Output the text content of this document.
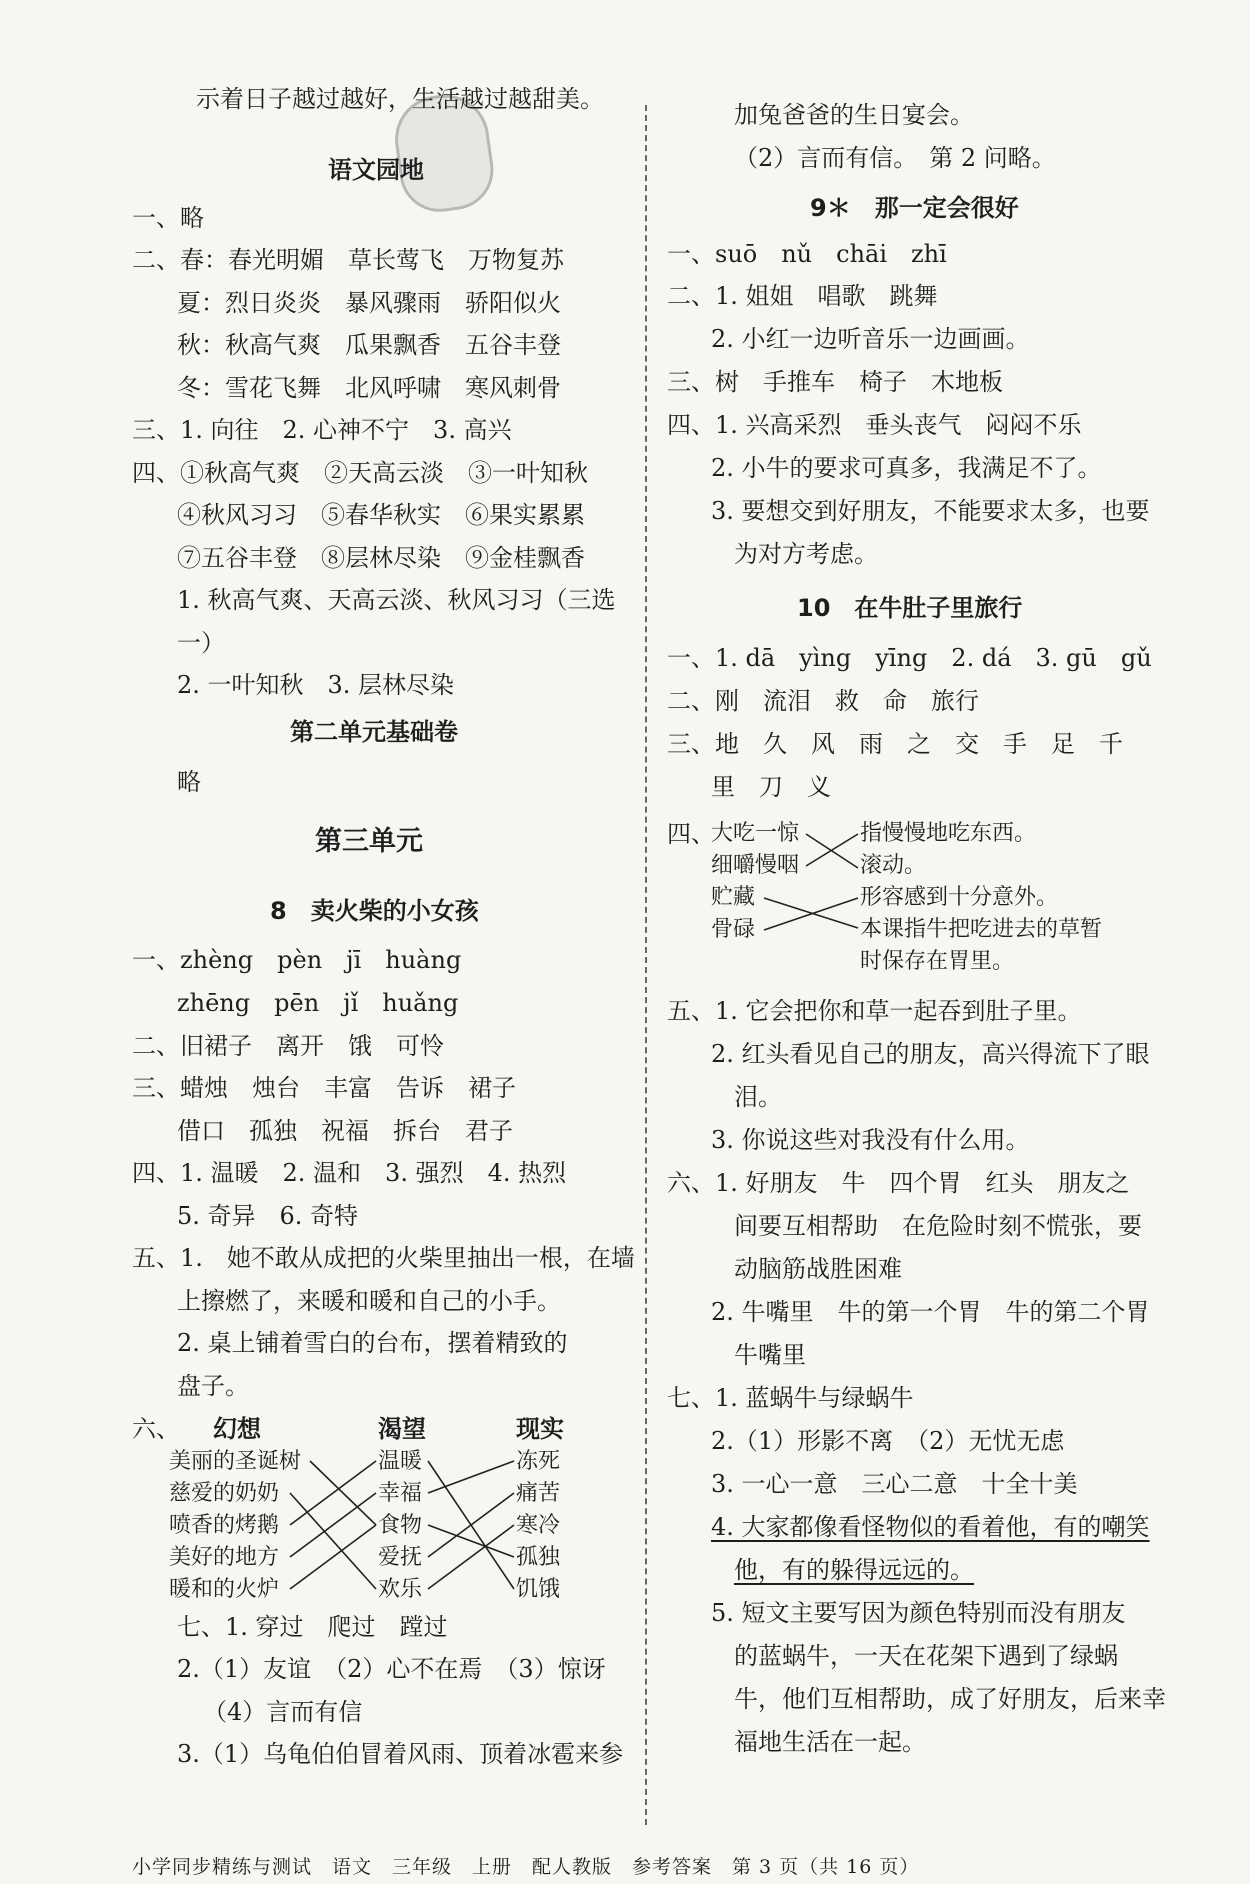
示着日子越过越好，生活越过越甜美。
语文园地
一、略
二、春：春光明媚　草长莺飞　万物复苏
夏：烈日炎炎　暴风骤雨　骄阳似火
秋：秋高气爽　瓜果飘香　五谷丰登
冬：雪花飞舞　北风呼啸　寒风刺骨
三、1. 向往　2. 心神不宁　3. 高兴
四、①秋高气爽　②天高云淡　③一叶知秋
④秋风习习　⑤春华秋实　⑥果实累累
⑦五谷丰登　⑧层林尽染　⑨金桂飘香
1. 秋高气爽、天高云淡、秋风习习（三选
一）
2. 一叶知秋　3. 层林尽染
第二单元基础卷
略
第三单元
8　卖火柴的小女孩
一、zhèng　pèn　jī　huàng
zhēng　pēn　jǐ　huǎng
二、旧裙子　离开　饿　可怜
三、蜡烛　烛台　丰富　告诉　裙子
借口　孤独　祝福　拆台　君子
四、1. 温暖　2. 温和　3. 强烈　4. 热烈
5. 奇异　6. 奇特
五、1.　她不敢从成把的火柴里抽出一根，在墙
上擦燃了，来暖和暖和自己的小手。
2. 桌上铺着雪白的台布，摆着精致的
盘子。
六、 幻想	渴望	现实
美丽的圣诞树
慈爱的奶奶
喷香的烤鹅
美好的地方
暖和的火炉
温暖
幸福
食物
爱抚
欢乐
冻死
痛苦
寒冷
孤独
饥饿
七、1. 穿过　爬过　蹚过
2.（1）友谊　（2）心不在焉　（3）惊讶
（4）言而有信
3.（1）乌龟伯伯冒着风雨、顶着冰雹来参
加兔爸爸的生日宴会。
（2）言而有信。　第 2 问略。
9＊　那一定会很好
一、suō　nǔ　chāi　zhī
二、1. 姐姐　唱歌　跳舞
2. 小红一边听音乐一边画画。
三、树　手推车　椅子　木地板
四、1. 兴高采烈　垂头丧气　闷闷不乐
2. 小牛的要求可真多，我满足不了。
3. 要想交到好朋友，不能要求太多，也要
为对方考虑。
10　在牛肚子里旅行
一、1. dā　yìng　yīng　2. dá　3. gū　gǔ
二、刚　流泪　救　命　旅行
三、地　久　风　雨　之　交　手　足　千
里　刀　义
四、
大吃一惊
细嚼慢咽
贮藏
骨碌
指慢慢地吃东西。
滚动。
形容感到十分意外。
本课指牛把吃进去的草暂
时保存在胃里。
五、1. 它会把你和草一起吞到肚子里。
2. 红头看见自己的朋友，高兴得流下了眼
泪。
3. 你说这些对我没有什么用。
六、1. 好朋友　牛　四个胃　红头　朋友之
间要互相帮助　在危险时刻不慌张，要
动脑筋战胜困难
2. 牛嘴里　牛的第一个胃　牛的第二个胃
牛嘴里
七、1. 蓝蜗牛与绿蜗牛
2.（1）形影不离　（2）无忧无虑
3. 一心一意　三心二意　十全十美
4. 大家都像看怪物似的看着他，有的嘲笑
他，有的躲得远远的。
5. 短文主要写因为颜色特别而没有朋友
的蓝蜗牛，一天在花架下遇到了绿蜗
牛，他们互相帮助，成了好朋友，后来幸
福地生活在一起。
小学同步精练与测试　语文　三年级　上册　配人教版　参考答案　第 3 页（共 16 页）
